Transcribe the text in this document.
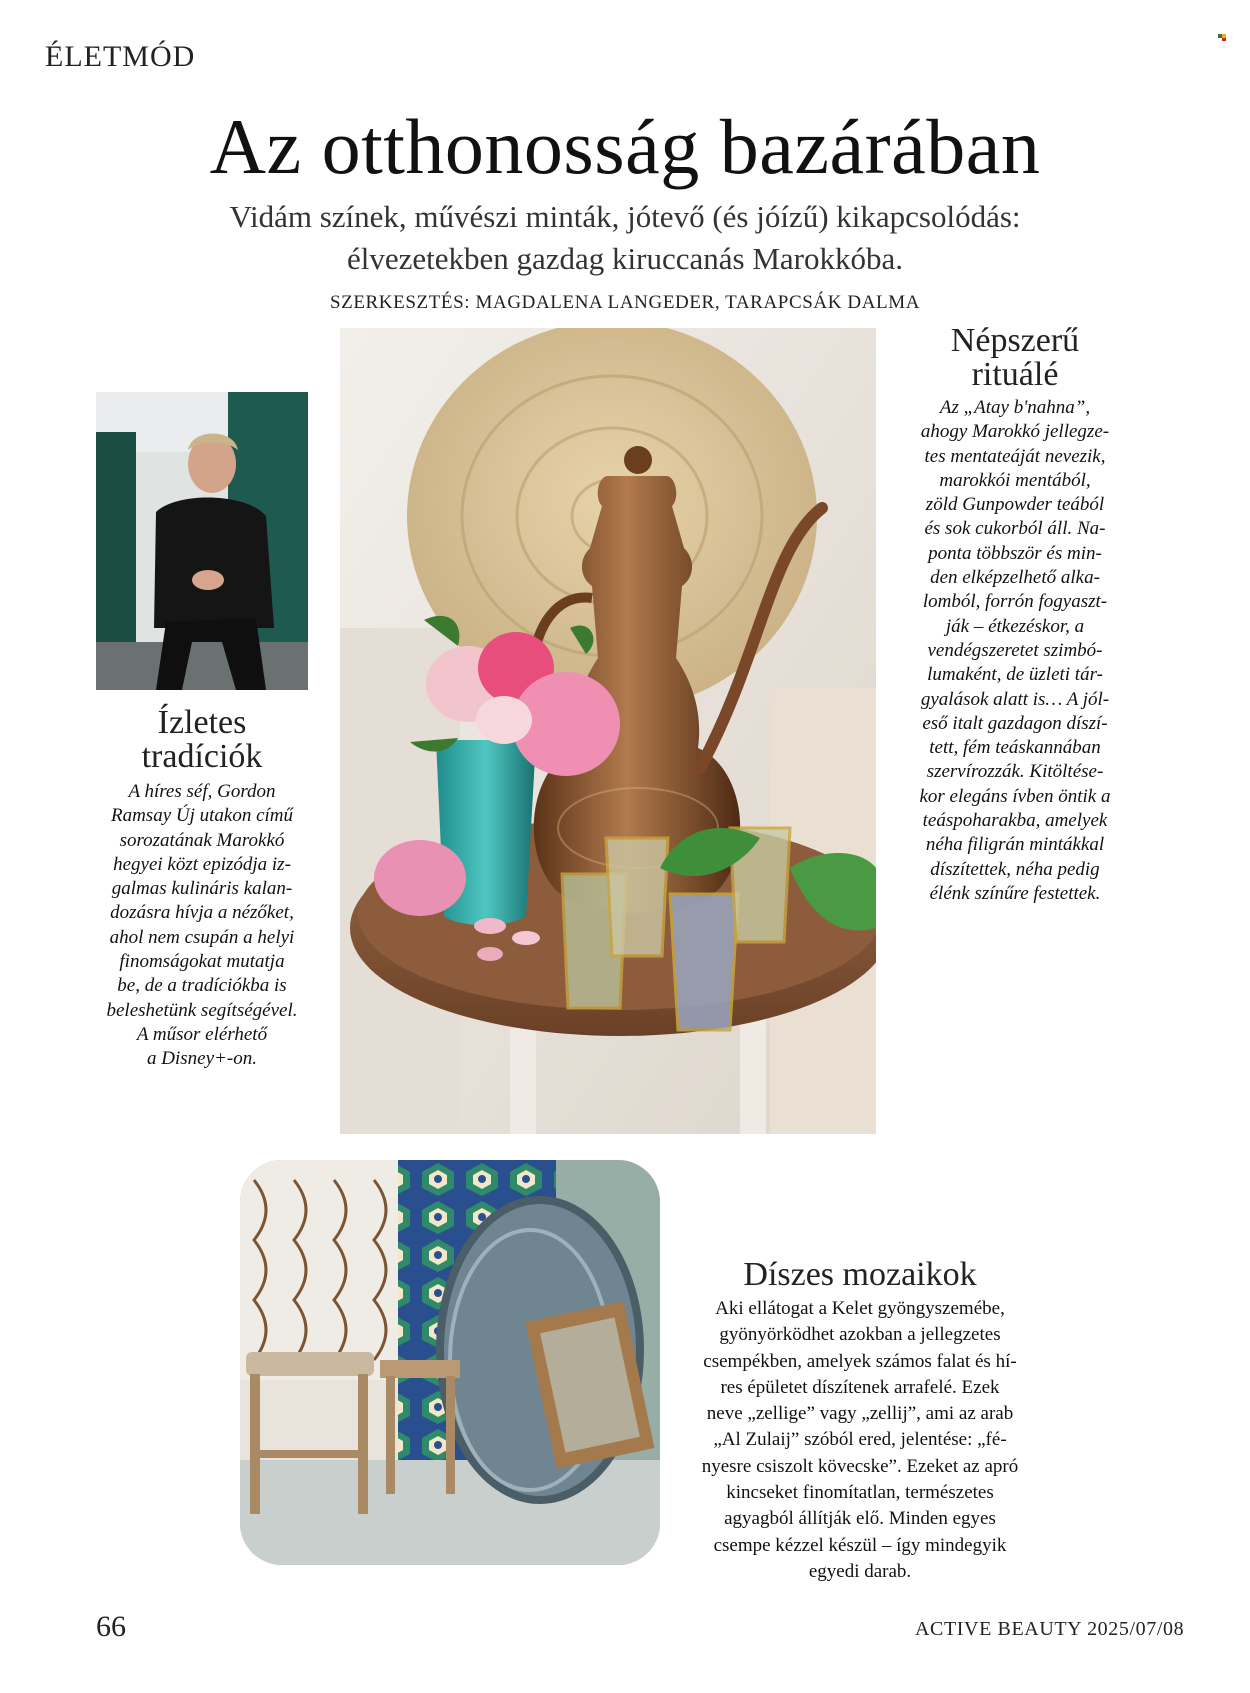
ÉLETMÓD
Az otthonosság bazárában
Vidám színek, művészi minták, jótevő (és jóízű) kikapcsolódás:
élvezetekben gazdag kiruccanás Marokkóba.
SZERKESZTÉS: MAGDALENA LANGEDER, TARAPCSÁK DALMA
Ízletes
tradíciók
A híres séf, Gordon
Ramsay Új utakon című
sorozatának Marokkó
hegyei közt epizódja iz-
galmas kulináris kalan-
dozásra hívja a nézőket,
ahol nem csupán a helyi
finomságokat mutatja
be, de a tradíciókba is
beleshetünk segítségével.
A műsor elérhető
a Disney+-on.
Népszerű
rituálé
Az „Atay b'nahna”,
ahogy Marokkó jellegze-
tes mentateáját nevezik,
marokkói mentából,
zöld Gunpowder teából
és sok cukorból áll. Na-
ponta többször és min-
den elképzelhető alka-
lomból, forrón fogyaszt-
ják – étkezéskor, a
vendégszeretet szimbó-
lumaként, de üzleti tár-
gyalások alatt is… A jól-
eső italt gazdagon díszí-
tett, fém teáskannában
szervírozzák. Kitöltése-
kor elegáns ívben öntik a
teáspoharakba, amelyek
néha filigrán mintákkal
díszítettek, néha pedig
élénk színűre festettek.
Díszes mozaikok
Aki ellátogat a Kelet gyöngyszemébe,
gyönyörködhet azokban a jellegzetes
csempékben, amelyek számos falat és hí-
res épületet díszítenek arrafelé. Ezek
neve „zellige” vagy „zellij”, ami az arab
„Al Zulaij” szóból ered, jelentése: „fé-
nyesre csiszolt kövecske”. Ezeket az apró
kincseket finomítatlan, természetes
agyagból állítják elő. Minden egyes
csempe kézzel készül – így mindegyik
egyedi darab.
66	ACTIVE BEAUTY 2025/07/08
